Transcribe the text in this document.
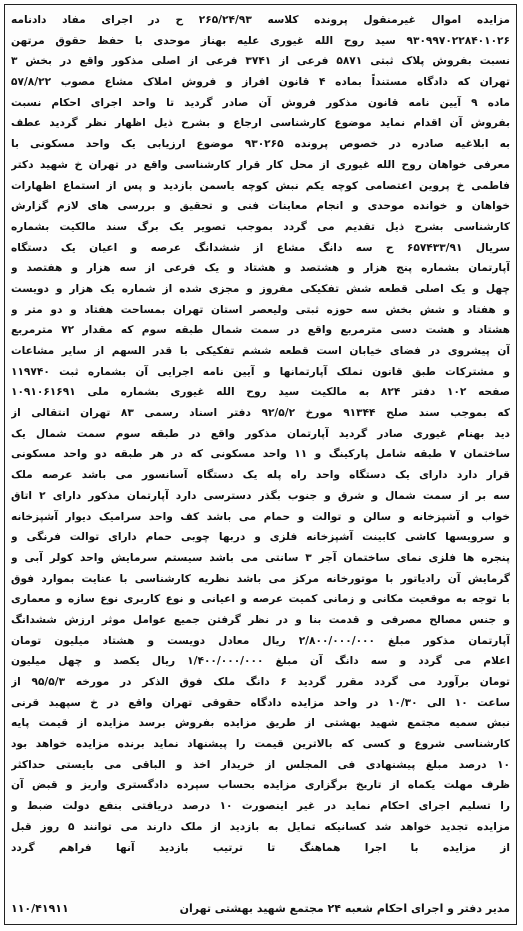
مزایده اموال غیرمنقول پرونده کلاسه ۲۶۵/۲۴/۹۳ ح در اجرای مفاد دادنامه
۹۳۰۹۹۷۰۲۲۸۴۰۱۰۲۶ سید روح الله غیوری علیه بهناز موحدی با حفظ حقوق مرتهن
نسبت بفروش پلاک ثبتی ۵۸۷۱ فرعی از ۳۷۴۱ فرعی از اصلی مذکور واقع در بخش ۳
تهران که دادگاه مستنداً بماده ۴ قانون افراز و فروش املاک مشاع مصوب ۵۷/۸/۲۲
ماده ۹ آیین نامه قانون مذکور فروش آن صادر گردید تا واحد اجرای احکام نسبت
بفروش آن اقدام نماید موضوع کارشناسی ارجاع و بشرح ذیل اظهار نظر گردید عطف
به ابلاغیه صادره در خصوص پرونده ۹۳۰۲۶۵ موضوع ارزیابی یک واحد مسکونی با
معرفی خواهان روح الله غیوری از محل کار قرار کارشناسی واقع در تهران خ شهید دکتر
فاطمی خ پروین اعتصامی کوچه یکم نبش کوچه یاسمن بازدید و پس از استماع اظهارات
خواهان و خوانده موحدی و انجام معاینات فنی و تحقیق و بررسی های لازم گزارش
کارشناسی بشرح ذیل تقدیم می گردد بموجب تصویر یک برگ سند مالکیت بشماره
سریال ۶۵۷۴۳۳/۹۱ ح سه دانگ مشاع از ششدانگ عرصه و اعیان یک دستگاه
آپارتمان بشماره پنج هزار و هشتصد و هشتاد و یک فرعی از سه هزار و هفتصد و
چهل و یک اصلی قطعه شش تفکیکی مفروز و مجزی شده از شماره یک هزار و دویست
و هفتاد و شش بخش سه حوزه ثبتی ولیعصر استان تهران بمساحت هفتاد و دو متر و
هشتاد و هشت دسی مترمربع واقع در سمت شمال طبقه سوم که مقدار ۷۲ مترمربع
آن پیشروی در فضای خیابان است قطعه ششم تفکیکی با قدر السهم از سایر مشاعات
و مشترکات طبق قانون تملک آپارتمانها و آیین نامه اجرایی آن بشماره ثبت ۱۱۹۷۴۰
صفحه ۱۰۲ دفتر ۸۲۴ به مالکیت سید روح الله غیوری بشماره ملی ۱۰۹۱۰۶۱۶۹۱
که بموجب سند صلح ۹۱۳۴۴ مورخ ۹۲/۵/۲ دفتر اسناد رسمی ۸۳ تهران انتقالی از
دید بهنام غیوری صادر گردید آپارتمان مذکور واقع در طبقه سوم سمت شمال یک
ساختمان ۷ طبقه شامل پارکینگ و ۱۱ واحد مسکونی که در هر طبقه دو واحد مسکونی
قرار دارد دارای یک دستگاه واحد راه پله یک دستگاه آسانسور می باشد عرصه ملک
سه بر از سمت شمال و شرق و جنوب بگذر دسترسی دارد آپارتمان مذکور دارای ۲ اتاق
خواب و آشپزخانه و سالن و توالت و حمام می باشد کف واحد سرامیک دیوار آشپزخانه
و سرویسها کاشی کابینت آشپزخانه فلزی و دربها چوبی حمام دارای توالت فرنگی و
پنجره ها فلزی نمای ساختمان آجر ۳ سانتی می باشد سیستم سرمایش واحد کولر آبی و
گرمایش آن رادیاتور با موتورخانه مرکز می باشد نظریه کارشناسی با عنایت بموارد فوق
با توجه به موقعیت مکانی و زمانی کمیت عرصه و اعیانی و نوع کاربری نوع سازه و معماری
و جنس مصالح مصرفی و قدمت بنا و در نظر گرفتن جمیع عوامل موثر ارزش ششدانگ
آپارتمان مذکور مبلغ ۲/۸۰۰/۰۰۰/۰۰۰ ریال معادل دویست و هشتاد میلیون تومان
اعلام می گردد و سه دانگ آن مبلغ ۱/۴۰۰/۰۰۰/۰۰۰ ریال یکصد و چهل میلیون
تومان برآورد می گردد مقرر گردید ۶ دانگ ملک فوق الذکر در مورخه ۹۵/۵/۳ از
ساعت ۱۰ الی ۱۰/۳۰ در واحد مزایده دادگاه حقوقی تهران واقع در خ سپهبد قرنی
نبش سمیه مجتمع شهید بهشتی از طریق مزایده بفروش برسد مزایده از قیمت پایه
کارشناسی شروع و کسی که بالاترین قیمت را پیشنهاد نماید برنده مزایده خواهد بود
۱۰ درصد مبلغ پیشنهادی فی المجلس از خریدار اخذ و الباقی می بایستی حداکثر
ظرف مهلت یکماه از تاریخ برگزاری مزایده بحساب سپرده دادگستری واریز و قبض آن
را تسلیم اجرای احکام نماید در غیر اینصورت ۱۰ درصد دریافتی بنفع دولت ضبط و
مزایده تجدید خواهد شد کسانیکه تمایل به بازدید از ملک دارند می توانند ۵ روز قبل
از مزایده با اجرا هماهنگ تا ترتیب بازدید آنها فراهم گردد
مدیر دفتر و اجرای احکام شعبه ۲۴ مجتمع شهید بهشتی تهران
۱۱۰/۴۱۹۱۱
